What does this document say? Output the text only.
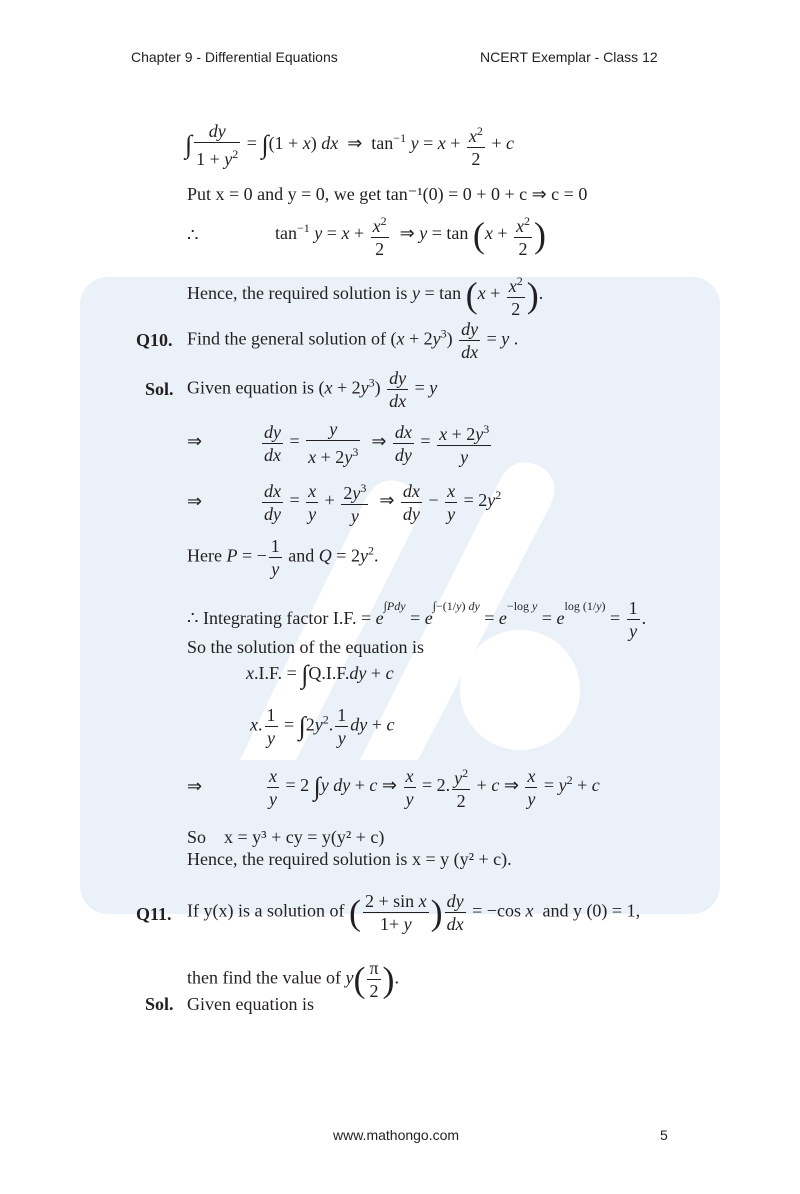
Chapter 9 - Differential Equations	NCERT Exemplar - Class 12
∫ $\frac{dy}{1 + y^2} = \int(1 + x)$ dx  ⇒  $\tan^{-1} y = x + \frac{x^2}{2} + c$
Put x = 0 and y = 0, we get tan⁻¹(0) = 0 + 0 + c ⇒ c = 0
∴	$\tan^{-1} y = x + \frac{x^2}{2}$ ⇒ $y = \tan (x + \frac{x^2}{2}$ )
Hence, the required solution is $y = \tan (x + \frac{x^2}{2}$ ).
Q10. Find the general solution of $(x + 2y^3) \frac{dy}{dx} = y$ .
Sol. Given equation is $(x + 2y^3) \frac{dy}{dx} = y$
⇒	$\frac{dy}{dx} = \frac{y}{x + 2y^3}$ ⇒ $\frac{dx}{dy} = \frac{x + 2y^3}{y}$
⇒	$\frac{dx}{dy} = \frac{x}{y} + \frac{2y^3}{y}$ ⇒ $\frac{dx}{dy} - \frac{x}{y} = 2y^2$
Here P = − $\frac{1}{y}$ and $Q = 2y^2$.
∴ Integrating factor I.F. = $e^{\int Pdy} = e^{\int-(1/y) dy} = e^{-log y} = e^{log (1/y)} = \frac{1}{y}$ .
So the solution of the equation is
x.I.F. = ∫Q.I.F.dy + c
x. $\frac{1}{y} = \int 2y^2$. $\frac{1}{y}$ dy + c
⇒	$\frac{x}{y} = 2$ ∫y dy + c ⇒ $\frac{x}{y} = 2$. $\frac{y^2}{2} + c$ ⇒ $\frac{x}{y} = y^2 + c$
So x = y³ + cy = y(y² + c)
Hence, the required solution is x = y (y² + c).
Q11. If y(x) is a solution of ( $\frac{\text{2 + sin x}}{1+ y}$ ) $\frac{dy}{dx} = -\cos$ x and y (0) = 1,
then find the value of $y( \frac{\pi}{2}$ ).
Sol. Given equation is
www.mathongo.com	5
